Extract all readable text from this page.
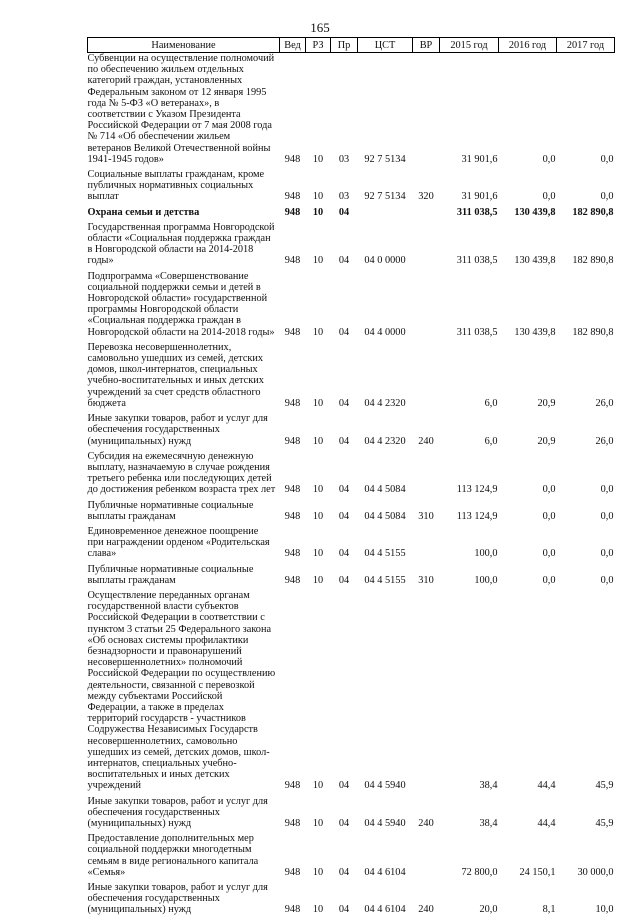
165
Наименование	Вед	РЗ	Пр	ЦСТ	ВР	2015 год	2016 год	2017 год
Субвенции на осуществление полномочий по обеспечению жильем отдельных категорий граждан, установленных Федеральным законом от 12 января 1995 года № 5-ФЗ «О ветеранах», в соответствии с Указом Президента Российской Федерации от 7 мая 2008 года № 714 «Об обеспечении жильем ветеранов Великой Отечественной войны 1941-1945 годов»	948	10	03	92 7 5134		31 901,6	0,0	0,0
Социальные выплаты гражданам, кроме публичных нормативных социальных выплат	948	10	03	92 7 5134	320	31 901,6	0,0	0,0
Охрана семьи и детства	948	10	04			311 038,5	130 439,8	182 890,8
Государственная программа Новгородской области «Социальная поддержка граждан в Новгородской области на 2014-2018 годы»	948	10	04	04 0 0000		311 038,5	130 439,8	182 890,8
Подпрограмма «Совершенствование социальной поддержки семьи и детей в Новгородской области» государственной программы Новгородской области «Социальная поддержка граждан в Новгородской области на 2014-2018 годы»	948	10	04	04 4 0000		311 038,5	130 439,8	182 890,8
Перевозка несовершеннолетних, самовольно ушедших из семей, детских домов, школ-интернатов, специальных учебно-воспитательных и иных детских учреждений за счет средств областного бюджета	948	10	04	04 4 2320		6,0	20,9	26,0
Иные закупки товаров, работ и услуг для обеспечения государственных (муниципальных) нужд	948	10	04	04 4 2320	240	6,0	20,9	26,0
Субсидия на ежемесячную денежную выплату, назначаемую в случае рождения третьего ребенка или последующих детей до достижения ребенком возраста трех лет	948	10	04	04 4 5084		113 124,9	0,0	0,0
Публичные нормативные социальные выплаты гражданам	948	10	04	04 4 5084	310	113 124,9	0,0	0,0
Единовременное денежное поощрение при награждении орденом «Родительская слава»	948	10	04	04 4 5155		100,0	0,0	0,0
Публичные нормативные социальные выплаты гражданам	948	10	04	04 4 5155	310	100,0	0,0	0,0
Осуществление переданных органам государственной власти субъектов Российской Федерации в соответствии с пунктом 3 статьи 25 Федерального закона «Об основах системы профилактики безнадзорности и правонарушений несовершеннолетних» полномочий Российской Федерации по осуществлению деятельности, связанной с перевозкой между субъектами Российской Федерации, а также в пределах территорий государств - участников Содружества Независимых Государств несовершеннолетних, самовольно ушедших из семей, детских домов, школ-интернатов, специальных учебно-воспитательных и иных детских учреждений	948	10	04	04 4 5940		38,4	44,4	45,9
Иные закупки товаров, работ и услуг для обеспечения государственных (муниципальных) нужд	948	10	04	04 4 5940	240	38,4	44,4	45,9
Предоставление дополнительных мер социальной поддержки многодетным семьям в виде регионального капитала «Семья»	948	10	04	04 4 6104		72 800,0	24 150,1	30 000,0
Иные закупки товаров, работ и услуг для обеспечения государственных (муниципальных) нужд	948	10	04	04 4 6104	240	20,0	8,1	10,0
